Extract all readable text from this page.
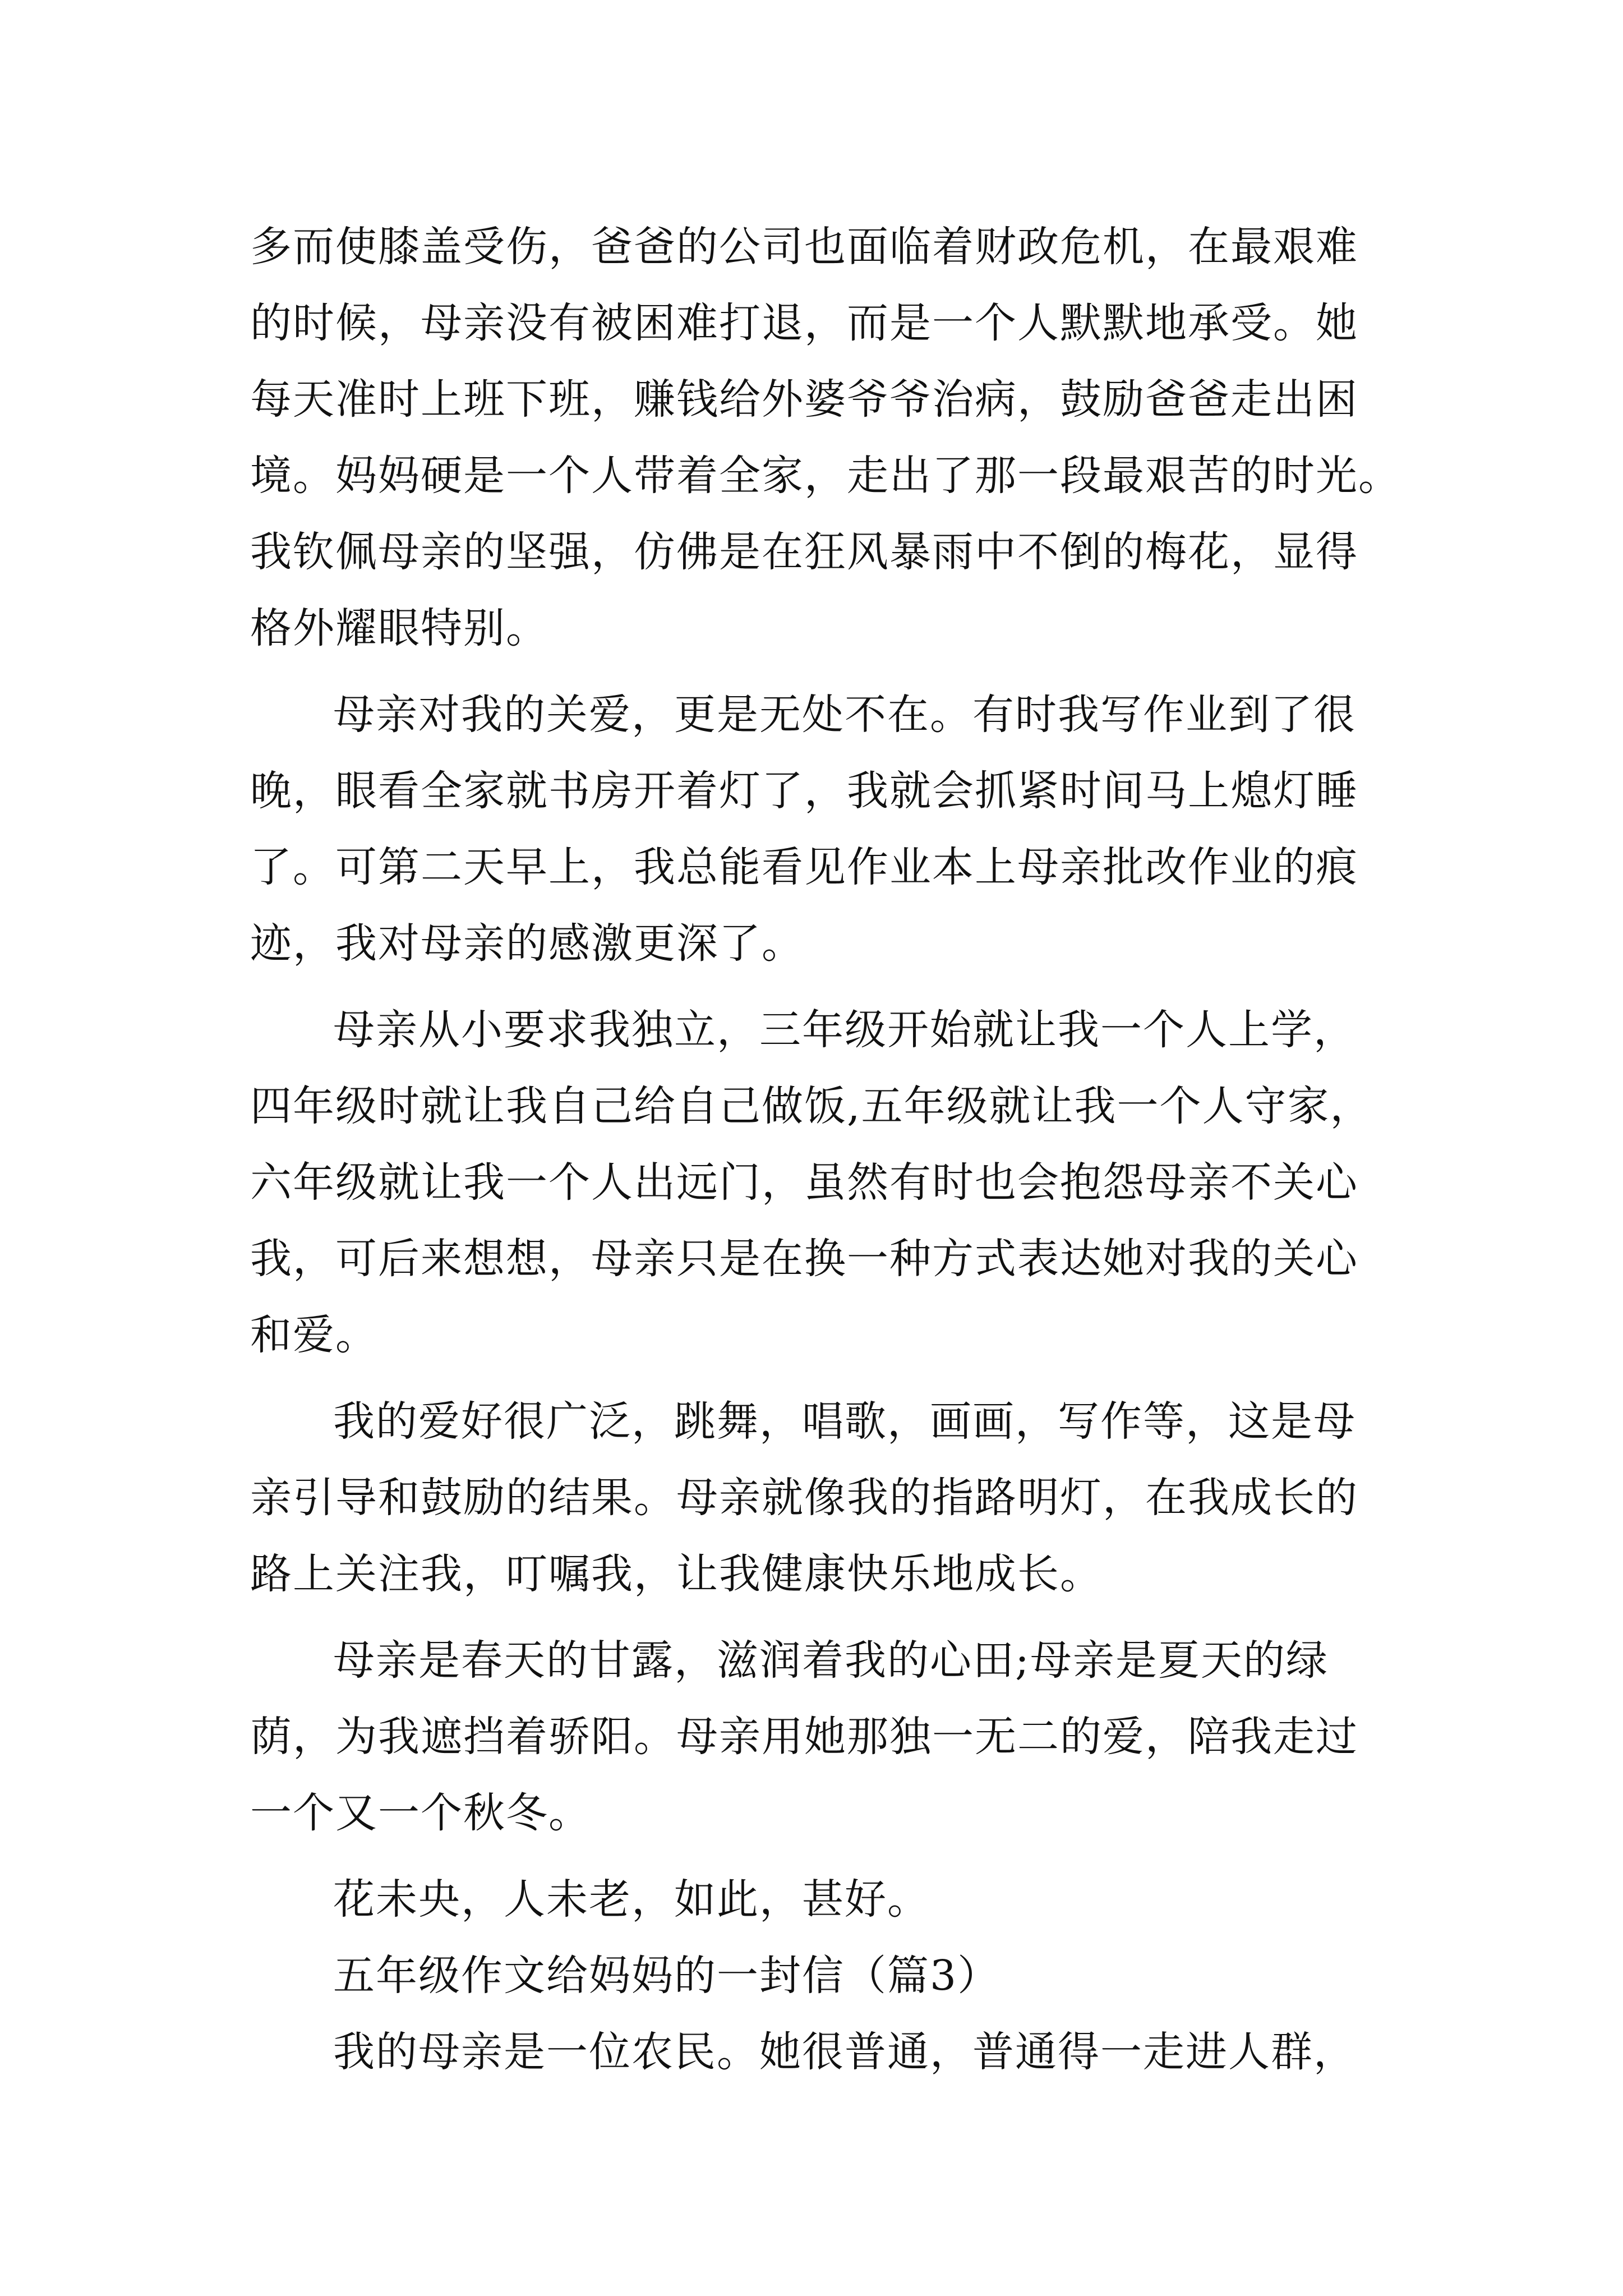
多而使膝盖受伤，爸爸的公司也面临着财政危机，在最艰难
的时候，母亲没有被困难打退，而是一个人默默地承受。她
每天准时上班下班，赚钱给外婆爷爷治病，鼓励爸爸走出困
境。妈妈硬是一个人带着全家，走出了那一段最艰苦的时光。
我钦佩母亲的坚强，仿佛是在狂风暴雨中不倒的梅花，显得
格外耀眼特别。
母亲对我的关爱，更是无处不在。有时我写作业到了很
晚，眼看全家就书房开着灯了，我就会抓紧时间马上熄灯睡
了。可第二天早上，我总能看见作业本上母亲批改作业的痕
迹，我对母亲的感激更深了。
母亲从小要求我独立，三年级开始就让我一个人上学，
四年级时就让我自己给自己做饭,五年级就让我一个人守家，
六年级就让我一个人出远门，虽然有时也会抱怨母亲不关心
我，可后来想想，母亲只是在换一种方式表达她对我的关心
和爱。
我的爱好很广泛，跳舞，唱歌，画画，写作等，这是母
亲引导和鼓励的结果。母亲就像我的指路明灯，在我成长的
路上关注我，叮嘱我，让我健康快乐地成长。
母亲是春天的甘露，滋润着我的心田;母亲是夏天的绿
荫，为我遮挡着骄阳。母亲用她那独一无二的爱，陪我走过
一个又一个秋冬。
花未央，人未老，如此，甚好。
五年级作文给妈妈的一封信（篇3）
我的母亲是一位农民。她很普通，普通得一走进人群，
